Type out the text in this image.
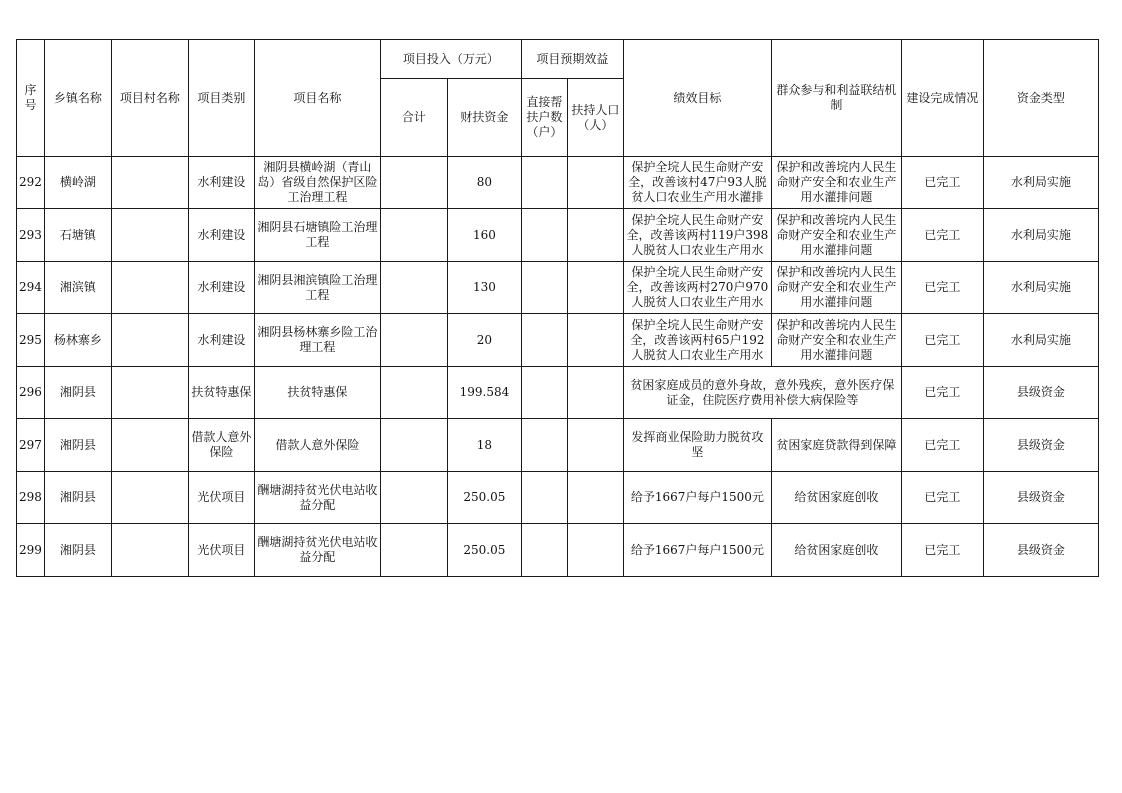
序号	乡镇名称	项目村名称	项目类别	项目名称	项目投入（万元）		项目预期效益		绩效目标	群众参与和利益联结机制	建设完成情况	资金类型
					合计	财扶资金	直接帮扶户数（户）	扶持人口（人）				
292	横岭湖		水利建设	湘阴县横岭湖（青山岛）省级自然保护区险工治理工程		80			保护全垸人民生命财产安全，改善该村47户93人脱贫人口农业生产用水灌排	保护和改善垸内人民生命财产安全和农业生产用水灌排问题	已完工	水利局实施
293	石塘镇		水利建设	湘阴县石塘镇险工治理工程		160			保护全垸人民生命财产安全，改善该两村119户398人脱贫人口农业生产用水	保护和改善垸内人民生命财产安全和农业生产用水灌排问题	已完工	水利局实施
294	湘滨镇		水利建设	湘阴县湘滨镇险工治理工程		130			保护全垸人民生命财产安全，改善该两村270户970人脱贫人口农业生产用水	保护和改善垸内人民生命财产安全和农业生产用水灌排问题	已完工	水利局实施
295	杨林寨乡		水利建设	湘阴县杨林寨乡险工治理工程		20			保护全垸人民生命财产安全，改善该两村65户192人脱贫人口农业生产用水	保护和改善垸内人民生命财产安全和农业生产用水灌排问题	已完工	水利局实施
296	湘阴县		扶贫特惠保	扶贫特惠保		199.584			贫困家庭成员的意外身故，意外残疾，意外医疗保证金，住院医疗费用补偿大病保险等		已完工	县级资金
297	湘阴县		借款人意外保险	借款人意外保险		18			发挥商业保险助力脱贫攻坚	贫困家庭贷款得到保障	已完工	县级资金
298	湘阴县		光伏项目	酬塘湖持贫光伏电站收益分配		250.05			给予1667户每户1500元	给贫困家庭创收	已完工	县级资金
299	湘阴县		光伏项目	酬塘湖持贫光伏电站收益分配		250.05			给予1667户每户1500元	给贫困家庭创收	已完工	县级资金
